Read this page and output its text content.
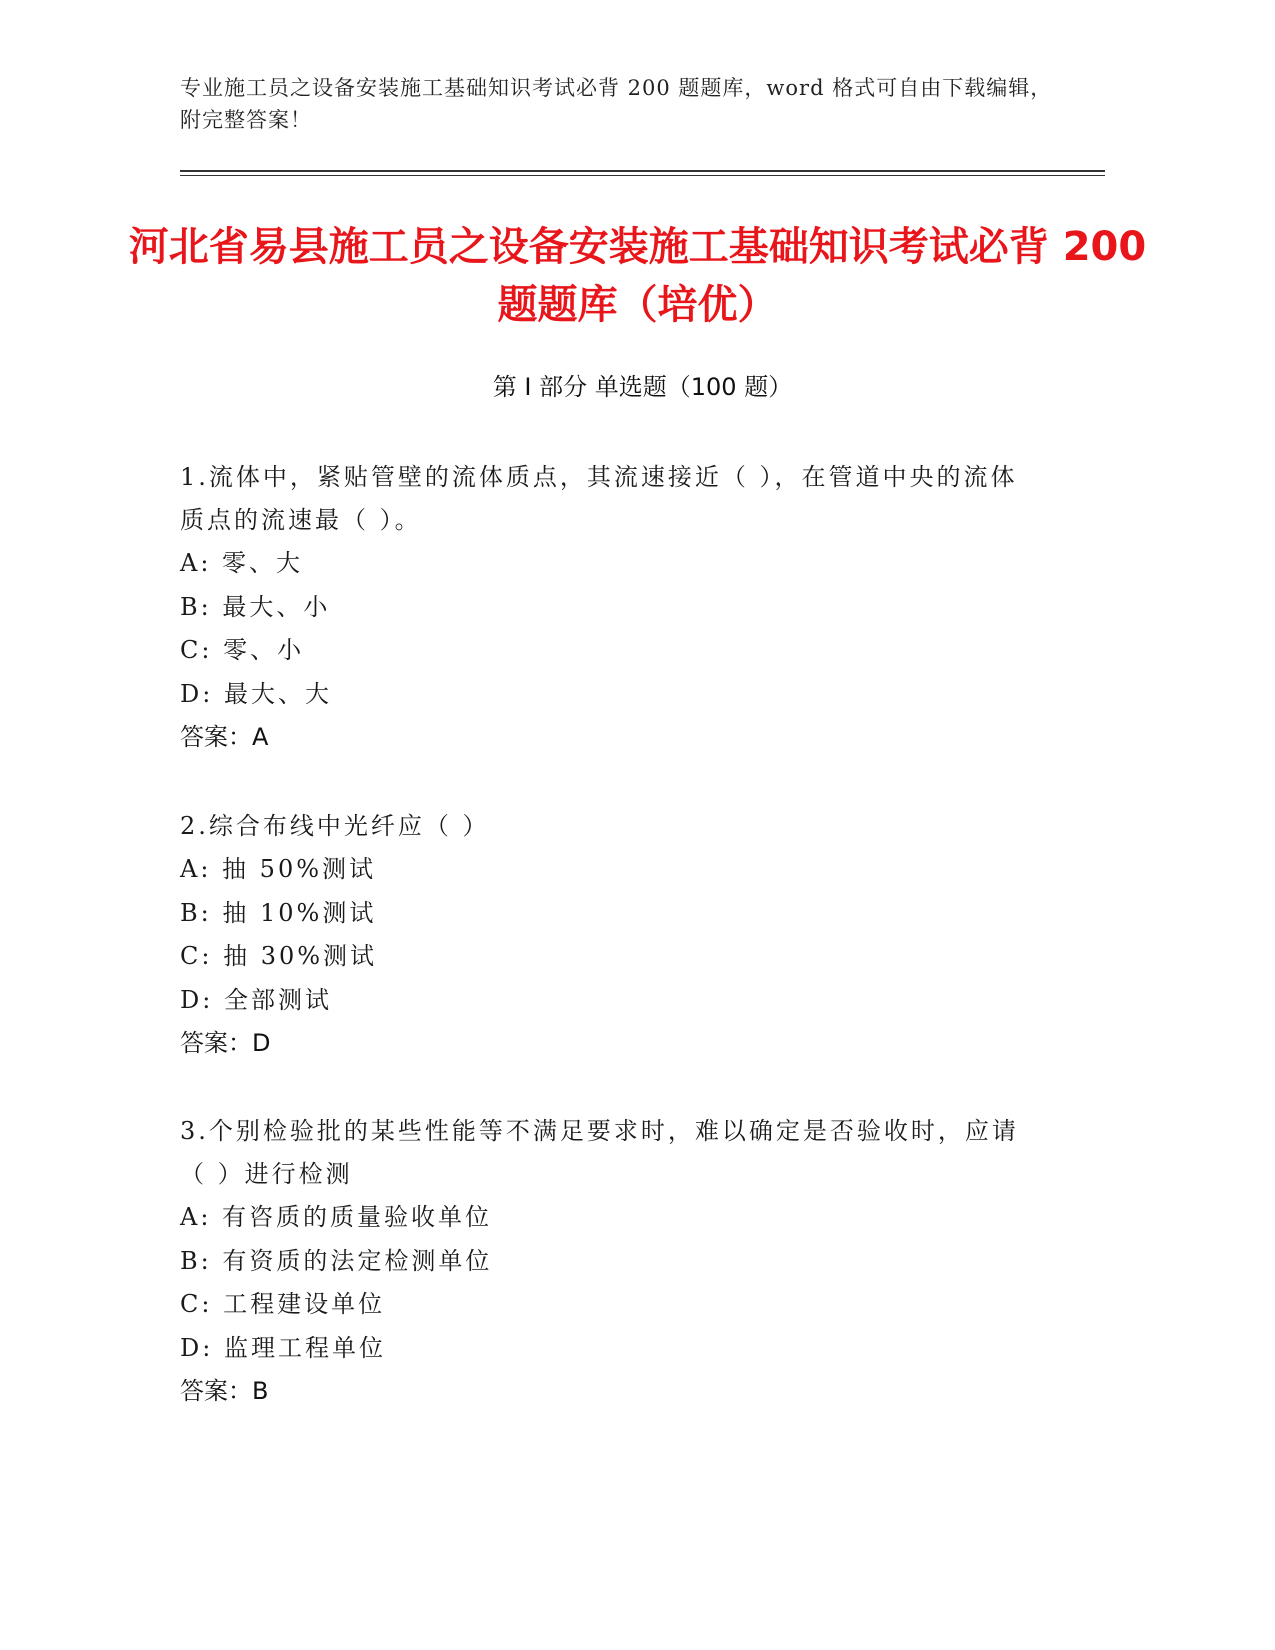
专业施工员之设备安装施工基础知识考试必背 200 题题库，word 格式可自由下载编辑，附完整答案！
河北省易县施工员之设备安装施工基础知识考试必背 200 题题库（培优）
第 I 部分 单选题（100 题）

1.流体中，紧贴管壁的流体质点，其流速接近（ ），在管道中央的流体质点的流速最（ ）。

A: 零、大

B: 最大、小

C: 零、小

D: 最大、大

答案：A

2.综合布线中光纤应（ ）

A: 抽 50%测试

B: 抽 10%测试

C: 抽 30%测试

D: 全部测试

答案：D

3.个别检验批的某些性能等不满足要求时，难以确定是否验收时，应请（ ）进行检测

A: 有咨质的质量验收单位

B: 有资质的法定检测单位

C: 工程建设单位

D: 监理工程单位

答案：B
